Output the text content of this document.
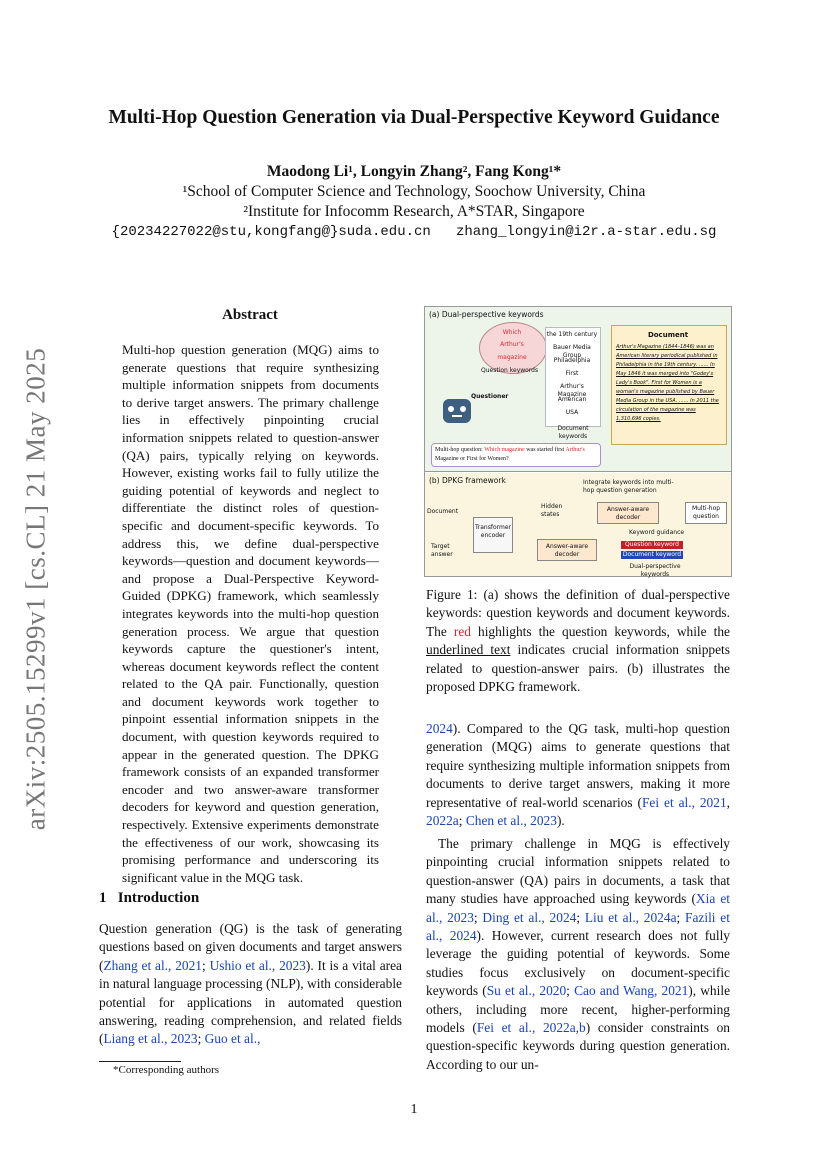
arXiv:2505.15299v1 [cs.CL] 21 May 2025
Multi-Hop Question Generation via Dual-Perspective Keyword Guidance
Maodong Li¹, Longyin Zhang², Fang Kong¹*
¹School of Computer Science and Technology, Soochow University, China
²Institute for Infocomm Research, A*STAR, Singapore
{20234227022@stu,kongfang@}suda.edu.cn   zhang_longyin@i2r.a-star.edu.sg
Abstract
Multi-hop question generation (MQG) aims to generate questions that require synthesizing multiple information snippets from documents to derive target answers. The primary challenge lies in effectively pinpointing crucial information snippets related to question-answer (QA) pairs, typically relying on keywords. However, existing works fail to fully utilize the guiding potential of keywords and neglect to differentiate the distinct roles of question-specific and document-specific keywords. To address this, we define dual-perspective keywords—question and document keywords—and propose a Dual-Perspective Keyword-Guided (DPKG) framework, which seamlessly integrates keywords into the multi-hop question generation process. We argue that question keywords capture the questioner's intent, whereas document keywords reflect the content related to the QA pair. Functionally, question and document keywords work together to pinpoint essential information snippets in the document, with question keywords required to appear in the generated question. The DPKG framework consists of an expanded transformer encoder and two answer-aware transformer decoders for keyword and question generation, respectively. Extensive experiments demonstrate the effectiveness of our work, showcasing its promising performance and underscoring its significant value in the MQG task.
1   Introduction
Question generation (QG) is the task of generating questions based on given documents and target answers (Zhang et al., 2021; Ushio et al., 2023). It is a vital area in natural language processing (NLP), with considerable potential for applications in automated question answering, reading comprehension, and related fields (Liang et al., 2023; Guo et al.,
*Corresponding authors
1
(a) Dual-perspective keywords
Which
Arthur's
magazine
Question keywords
Questioner
the 19th century
Bauer Media Group
Philadelphia
First
Arthur's Magazine
American
USA
Document keywords
Document
Arthur's Magazine (1844–1846) was an American literary periodical published in Philadelphia in the 19th century. ...... In May 1846 it was merged into "Godey's Lady's Book". First for Women is a woman's magazine published by Bauer Media Group in the USA. ...... In 2011 the circulation of the magazine was 1,310,696 copies.
Multi-hop question: Which magazine was started first Arthur's Magazine or First for Women?
(b) DPKG framework	Integrate keywords into multi-hop question generation
Document
Target answer
Transformer encoder
Hidden states
Answer-aware decoder
Answer-aware decoder
Multi-hop question
Keyword guidance
Question keyword
Document keyword
Dual-perspective keywords
Figure 1: (a) shows the definition of dual-perspective keywords: question keywords and document keywords. The red highlights the question keywords, while the underlined text indicates crucial information snippets related to question-answer pairs. (b) illustrates the proposed DPKG framework.
2024). Compared to the QG task, multi-hop question generation (MQG) aims to generate questions that require synthesizing multiple information snippets from documents to derive target answers, making it more representative of real-world scenarios (Fei et al., 2021, 2022a; Chen et al., 2023).
The primary challenge in MQG is effectively pinpointing crucial information snippets related to question-answer (QA) pairs in documents, a task that many studies have approached using keywords (Xia et al., 2023; Ding et al., 2024; Liu et al., 2024a; Fazili et al., 2024). However, current research does not fully leverage the guiding potential of keywords. Some studies focus exclusively on document-specific keywords (Su et al., 2020; Cao and Wang, 2021), while others, including more recent, higher-performing models (Fei et al., 2022a,b) consider constraints on question-specific keywords during question generation. According to our un-
